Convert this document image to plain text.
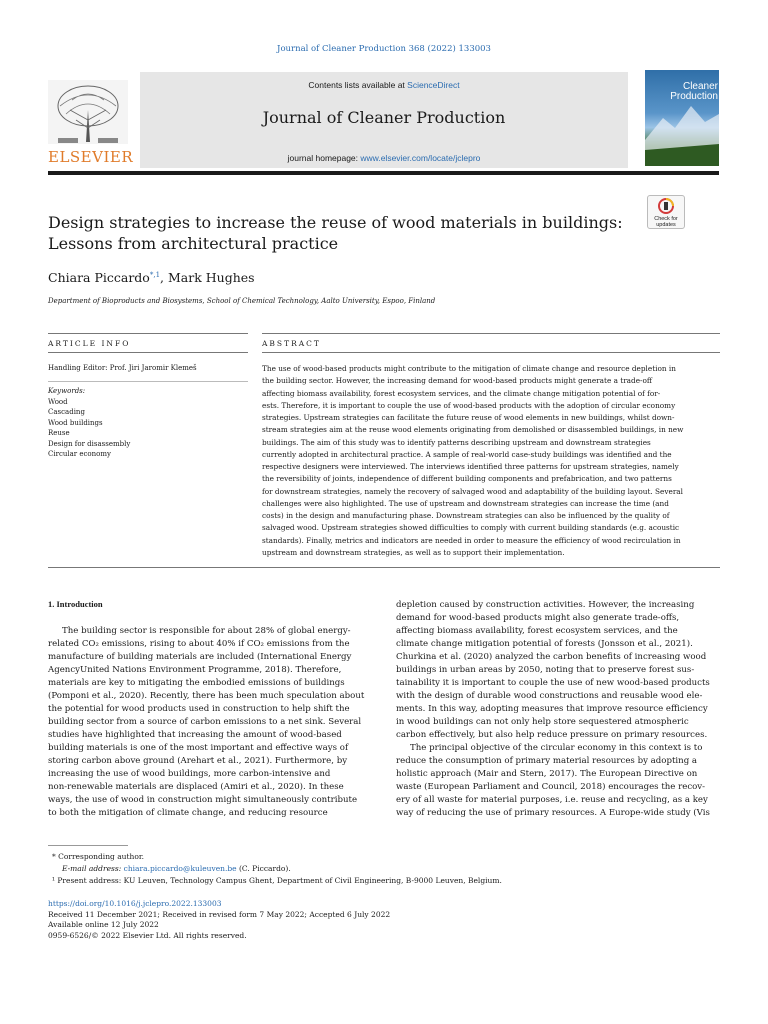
Journal of Cleaner Production 368 (2022) 133003
Contents lists available at ScienceDirect
Journal of Cleaner Production
journal homepage: www.elsevier.com/locate/jclepro
ELSEVIER
Cleaner
Production
Design strategies to increase the reuse of wood materials in buildings:
Lessons from architectural practice
Check for
updates
Chiara Piccardo$^{*,1}$, Mark Hughes
Department of Bioproducts and Biosystems, School of Chemical Technology, Aalto University, Espoo, Finland
ARTICLE INFO	ABSTRACT
Handling Editor: Prof. Jiri Jaromir Klemeš
Keywords:
Wood
Cascading
Wood buildings
Reuse
Design for disassembly
Circular economy
The use of wood-based products might contribute to the mitigation of climate change and resource depletion in
the building sector. However, the increasing demand for wood-based products might generate a trade-off
affecting biomass availability, forest ecosystem services, and the climate change mitigation potential of for-
ests. Therefore, it is important to couple the use of wood-based products with the adoption of circular economy
strategies. Upstream strategies can facilitate the future reuse of wood elements in new buildings, whilst down-
stream strategies aim at the reuse wood elements originating from demolished or disassembled buildings, in new
buildings. The aim of this study was to identify patterns describing upstream and downstream strategies
currently adopted in architectural practice. A sample of real-world case-study buildings was identified and the
respective designers were interviewed. The interviews identified three patterns for upstream strategies, namely
the reversibility of joints, independence of different building components and prefabrication, and two patterns
for downstream strategies, namely the recovery of salvaged wood and adaptability of the building layout. Several
challenges were also highlighted. The use of upstream and downstream strategies can increase the time (and
costs) in the design and manufacturing phase. Downstream strategies can also be influenced by the quality of
salvaged wood. Upstream strategies showed difficulties to comply with current building standards (e.g. acoustic
standards). Finally, metrics and indicators are needed in order to measure the efficiency of wood recirculation in
upstream and downstream strategies, as well as to support their implementation.
1. Introduction
The building sector is responsible for about 28% of global energy-
related CO₂ emissions, rising to about 40% if CO₂ emissions from the
manufacture of building materials are included (International Energy
AgencyUnited Nations Environment Programme, 2018). Therefore,
materials are key to mitigating the embodied emissions of buildings
(Pomponi et al., 2020). Recently, there has been much speculation about
the potential for wood products used in construction to help shift the
building sector from a source of carbon emissions to a net sink. Several
studies have highlighted that increasing the amount of wood-based
building materials is one of the most important and effective ways of
storing carbon above ground (Arehart et al., 2021). Furthermore, by
increasing the use of wood buildings, more carbon-intensive and
non-renewable materials are displaced (Amiri et al., 2020). In these
ways, the use of wood in construction might simultaneously contribute
to both the mitigation of climate change, and reducing resource
depletion caused by construction activities. However, the increasing
demand for wood-based products might also generate trade-offs,
affecting biomass availability, forest ecosystem services, and the
climate change mitigation potential of forests (Jonsson et al., 2021).
Churkina et al. (2020) analyzed the carbon benefits of increasing wood
buildings in urban areas by 2050, noting that to preserve forest sus-
tainability it is important to couple the use of new wood-based products
with the design of durable wood constructions and reusable wood ele-
ments. In this way, adopting measures that improve resource efficiency
in wood buildings can not only help store sequestered atmospheric
carbon effectively, but also help reduce pressure on primary resources.
The principal objective of the circular economy in this context is to
reduce the consumption of primary material resources by adopting a
holistic approach (Mair and Stern, 2017). The European Directive on
waste (European Parliament and Council, 2018) encourages the recov-
ery of all waste for material purposes, i.e. reuse and recycling, as a key
way of reducing the use of primary resources. A Europe-wide study (Vis
* Corresponding author.
E-mail address: chiara.piccardo@kuleuven.be (C. Piccardo).
¹ Present address: KU Leuven, Technology Campus Ghent, Department of Civil Engineering, B-9000 Leuven, Belgium.
https://doi.org/10.1016/j.jclepro.2022.133003
Received 11 December 2021; Received in revised form 7 May 2022; Accepted 6 July 2022
Available online 12 July 2022
0959-6526/© 2022 Elsevier Ltd. All rights reserved.
